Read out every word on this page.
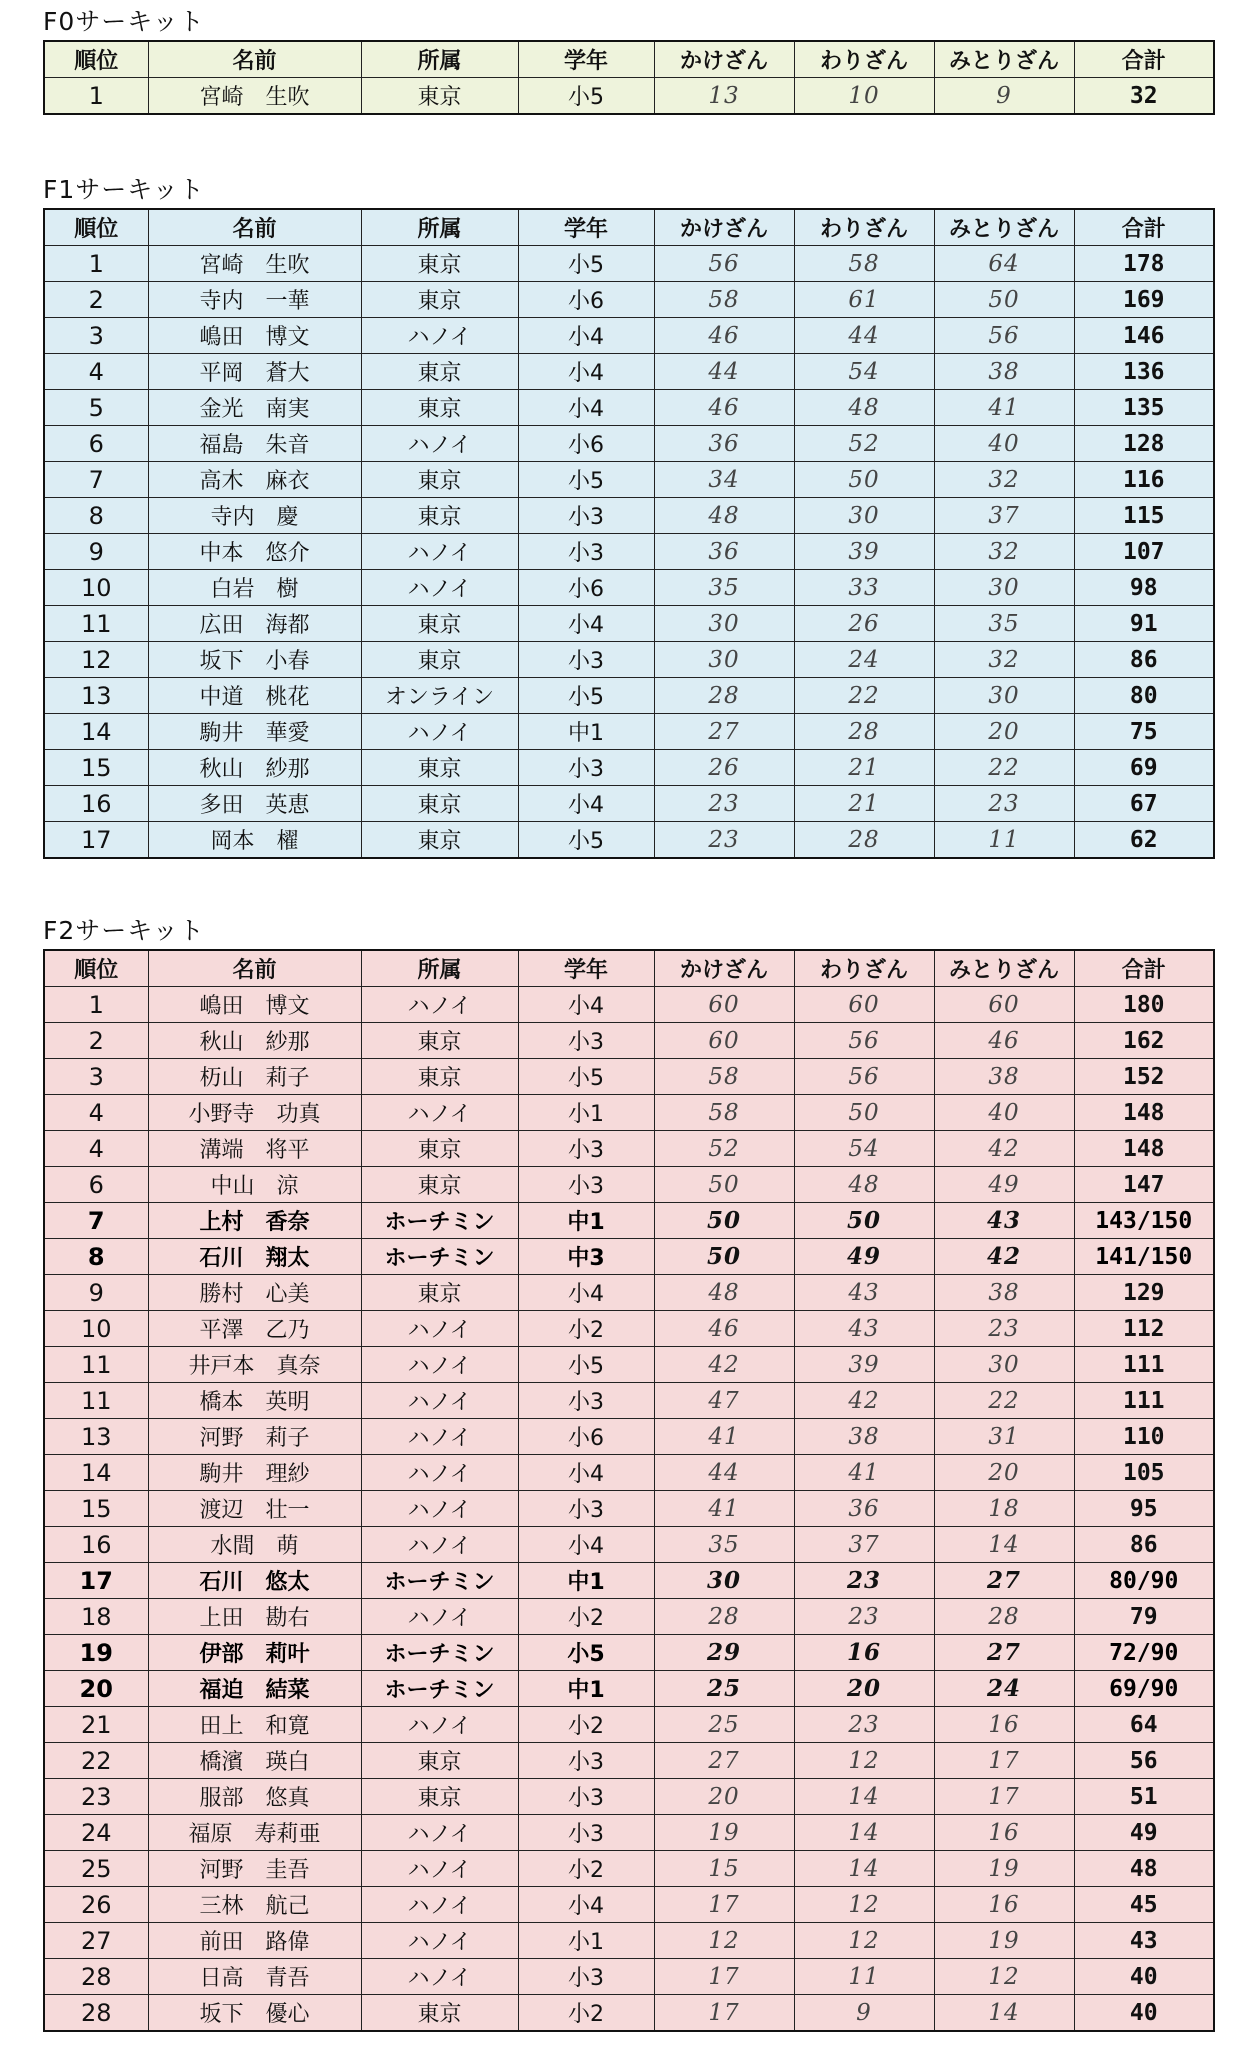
F0サーキット
順位	名前	所属	学年	かけざん	わりざん	みとりざん	合計
1	宮崎　生吹	東京	小5	13	10	9	32
F1サーキット
順位	名前	所属	学年	かけざん	わりざん	みとりざん	合計
1	宮崎　生吹	東京	小5	56	58	64	178
2	寺内　一華	東京	小6	58	61	50	169
3	嶋田　博文	ハノイ	小4	46	44	56	146
4	平岡　蒼大	東京	小4	44	54	38	136
5	金光　南実	東京	小4	46	48	41	135
6	福島　朱音	ハノイ	小6	36	52	40	128
7	高木　麻衣	東京	小5	34	50	32	116
8	寺内　慶	東京	小3	48	30	37	115
9	中本　悠介	ハノイ	小3	36	39	32	107
10	白岩　樹	ハノイ	小6	35	33	30	98
11	広田　海都	東京	小4	30	26	35	91
12	坂下　小春	東京	小3	30	24	32	86
13	中道　桃花	オンライン	小5	28	22	30	80
14	駒井　華愛	ハノイ	中1	27	28	20	75
15	秋山　紗那	東京	小3	26	21	22	69
16	多田　英恵	東京	小4	23	21	23	67
17	岡本　櫂	東京	小5	23	28	11	62
F2サーキット
順位	名前	所属	学年	かけざん	わりざん	みとりざん	合計
1	嶋田　博文	ハノイ	小4	60	60	60	180
2	秋山　紗那	東京	小3	60	56	46	162
3	杤山　莉子	東京	小5	58	56	38	152
4	小野寺　功真	ハノイ	小1	58	50	40	148
4	溝端　将平	東京	小3	52	54	42	148
6	中山　涼	東京	小3	50	48	49	147
7	上村　香奈	ホーチミン	中1	50	50	43	143/150
8	石川　翔太	ホーチミン	中3	50	49	42	141/150
9	勝村　心美	東京	小4	48	43	38	129
10	平澤　乙乃	ハノイ	小2	46	43	23	112
11	井戸本　真奈	ハノイ	小5	42	39	30	111
11	橋本　英明	ハノイ	小3	47	42	22	111
13	河野　莉子	ハノイ	小6	41	38	31	110
14	駒井　理紗	ハノイ	小4	44	41	20	105
15	渡辺　壮一	ハノイ	小3	41	36	18	95
16	水間　萌	ハノイ	小4	35	37	14	86
17	石川　悠太	ホーチミン	中1	30	23	27	80/90
18	上田　勘右	ハノイ	小2	28	23	28	79
19	伊部　莉叶	ホーチミン	小5	29	16	27	72/90
20	福迫　結菜	ホーチミン	中1	25	20	24	69/90
21	田上　和寛	ハノイ	小2	25	23	16	64
22	橋濱　瑛白	東京	小3	27	12	17	56
23	服部　悠真	東京	小3	20	14	17	51
24	福原　寿莉亜	ハノイ	小3	19	14	16	49
25	河野　圭吾	ハノイ	小2	15	14	19	48
26	三林　航己	ハノイ	小4	17	12	16	45
27	前田　路偉	ハノイ	小1	12	12	19	43
28	日高　青吾	ハノイ	小3	17	11	12	40
28	坂下　優心	東京	小2	17	9	14	40
